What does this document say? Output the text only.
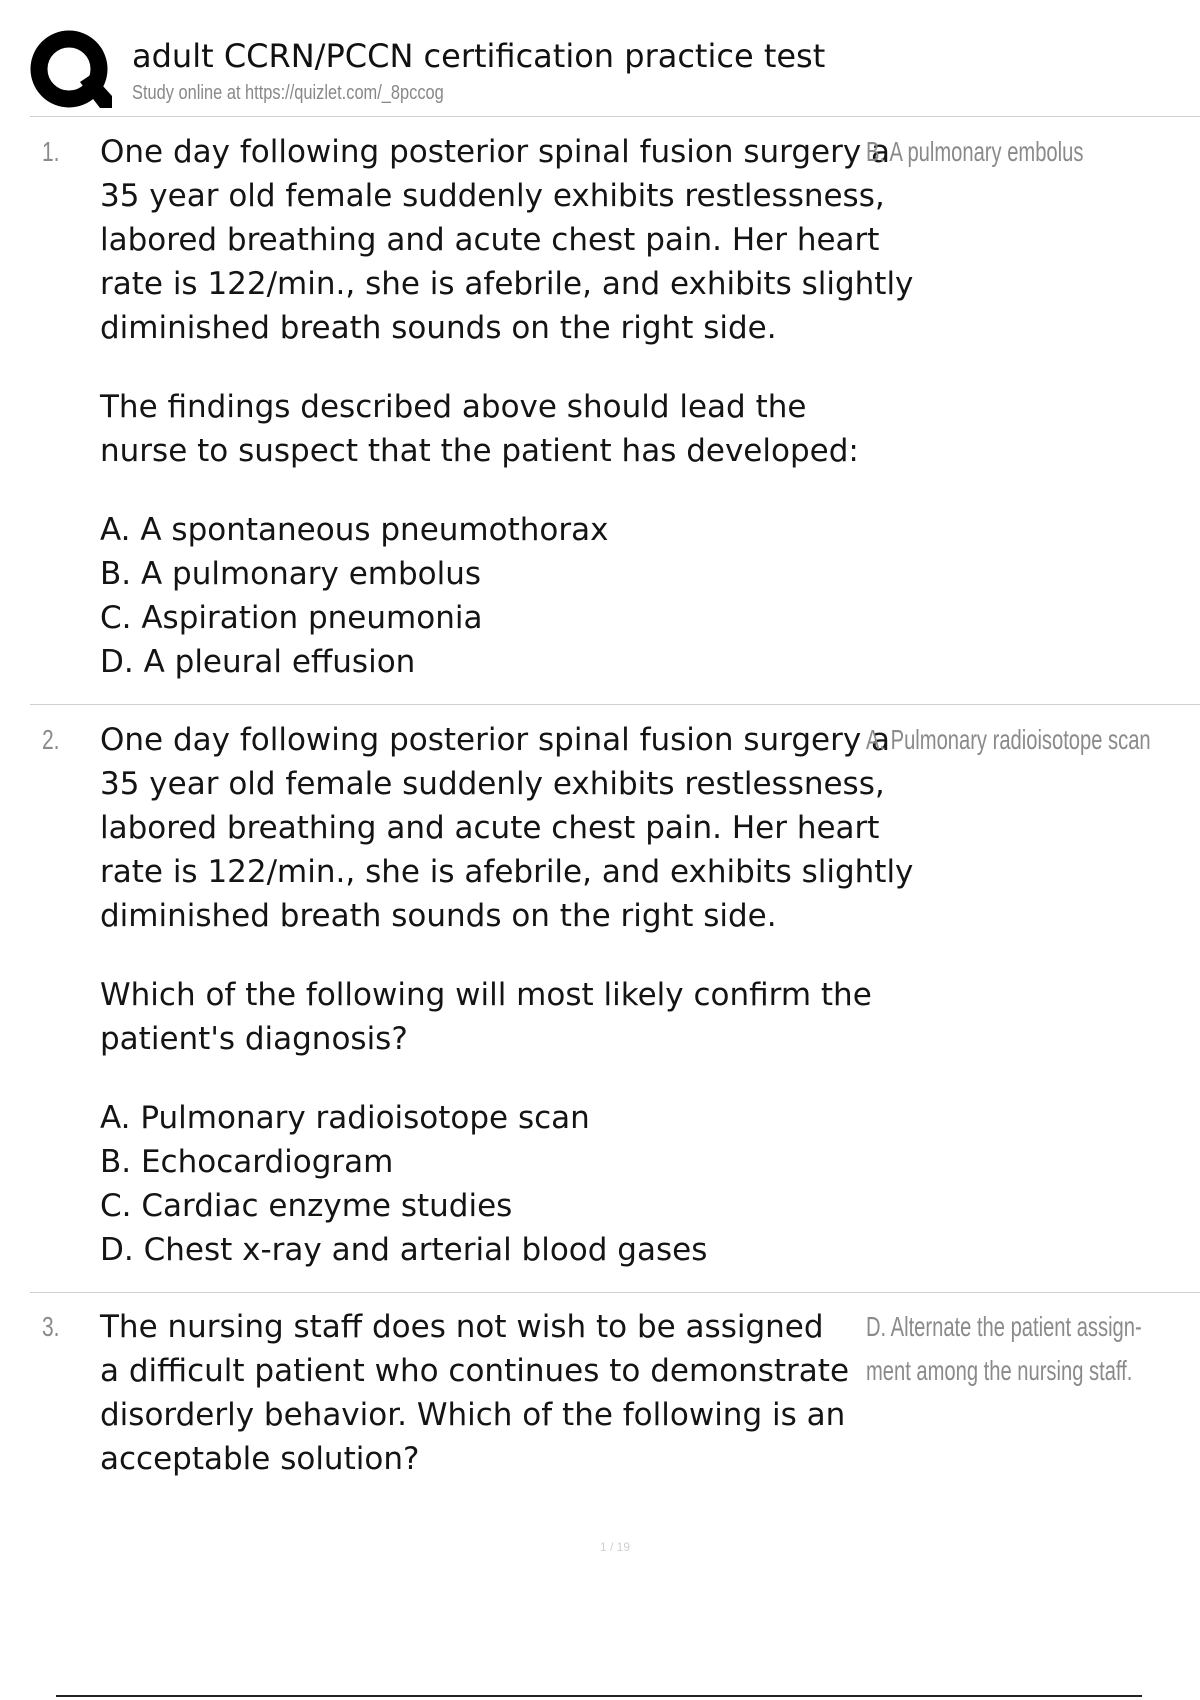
adult CCRN/PCCN certification practice test
Study online at https://quizlet.com/_8pccog
1. One day following posterior spinal fusion surgery a

35 year old female suddenly exhibits restlessness,

labored breathing and acute chest pain. Her heart

rate is 122/min., she is afebrile, and exhibits slightly

diminished breath sounds on the right side.

The findings described above should lead the

nurse to suspect that the patient has developed:

A. A spontaneous pneumothorax

B. A pulmonary embolus

C. Aspiration pneumonia

D. A pleural effusion

B. A pulmonary embolus

2. One day following posterior spinal fusion surgery a

35 year old female suddenly exhibits restlessness,

labored breathing and acute chest pain. Her heart

rate is 122/min., she is afebrile, and exhibits slightly

diminished breath sounds on the right side.

Which of the following will most likely confirm the

patient's diagnosis?

A. Pulmonary radioisotope scan

B. Echocardiogram

C. Cardiac enzyme studies

D. Chest x-ray and arterial blood gases

A. Pulmonary radioisotope scan

3. The nursing staff does not wish to be assigned

a difficult patient who continues to demonstrate

disorderly behavior. Which of the following is an

acceptable solution?

D. Alternate the patient assign-

ment among the nursing staff.

1 / 19
